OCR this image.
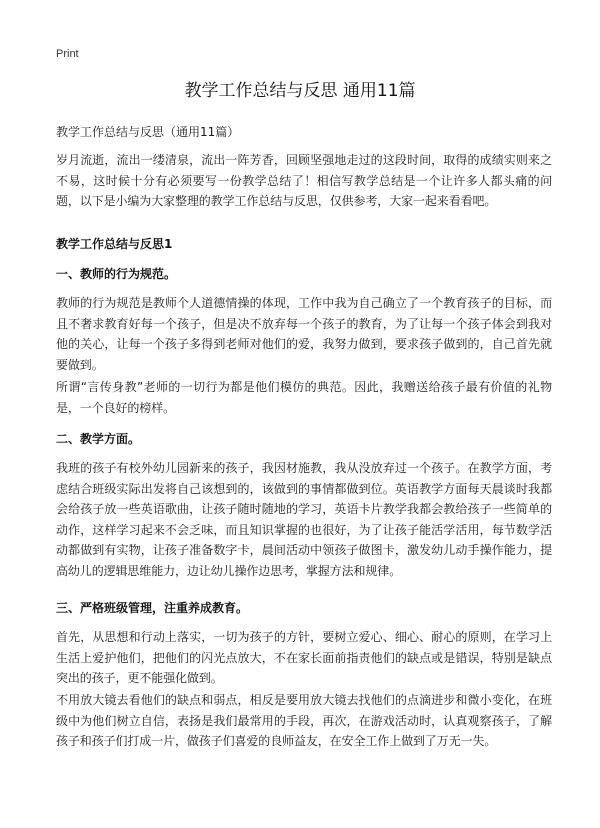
Print
教学工作总结与反思 通用11篇

教学工作总结与反思（通用11篇）

岁月流逝，流出一缕清泉，流出一阵芳香，回顾坚强地走过的这段时间，取得的成绩实则来之不易，这时候十分有必须要写一份教学总结了！相信写教学总结是一个让许多人都头痛的问题，以下是小编为大家整理的教学工作总结与反思，仅供参考，大家一起来看看吧。

教学工作总结与反思1

一、教师的行为规范。

教师的行为规范是教师个人道德情操的体现，工作中我为自己确立了一个教育孩子的目标，而且不奢求教育好每一个孩子，但是决不放弃每一个孩子的教育，为了让每一个孩子体会到我对他的关心，让每一个孩子多得到老师对他们的爱，我努力做到，要求孩子做到的，自己首先就要做到。

所谓“言传身教”老师的一切行为都是他们模仿的典范。因此，我赠送给孩子最有价值的礼物是，一个良好的榜样。

二、教学方面。

我班的孩子有校外幼儿园新来的孩子，我因材施教，我从没放弃过一个孩子。在教学方面，考虑结合班级实际出发将自己该想到的，该做到的事情都做到位。英语教学方面每天晨谈时我都会给孩子放一些英语歌曲，让孩子随时随地的学习，英语卡片教学我都会教给孩子一些简单的动作，这样学习起来不会乏味，而且知识掌握的也很好，为了让孩子能活学活用，每节数学活动都做到有实物，让孩子准备数字卡，晨间活动中领孩子做图卡，激发幼儿动手操作能力，提高幼儿的逻辑思维能力，边让幼儿操作边思考，掌握方法和规律。

三、严格班级管理，注重养成教育。

首先，从思想和行动上落实，一切为孩子的方针，要树立爱心、细心、耐心的原则，在学习上生活上爱护他们，把他们的闪光点放大，不在家长面前指责他们的缺点或是错误，特别是缺点突出的孩子，更不能强化做到。

不用放大镜去看他们的缺点和弱点，相反是要用放大镜去找他们的点滴进步和微小变化，在班级中为他们树立自信，表扬是我们最常用的手段，再次，在游戏活动时，认真观察孩子，了解孩子和孩子们打成一片，做孩子们喜爱的良师益友，在安全工作上做到了万无一失。
